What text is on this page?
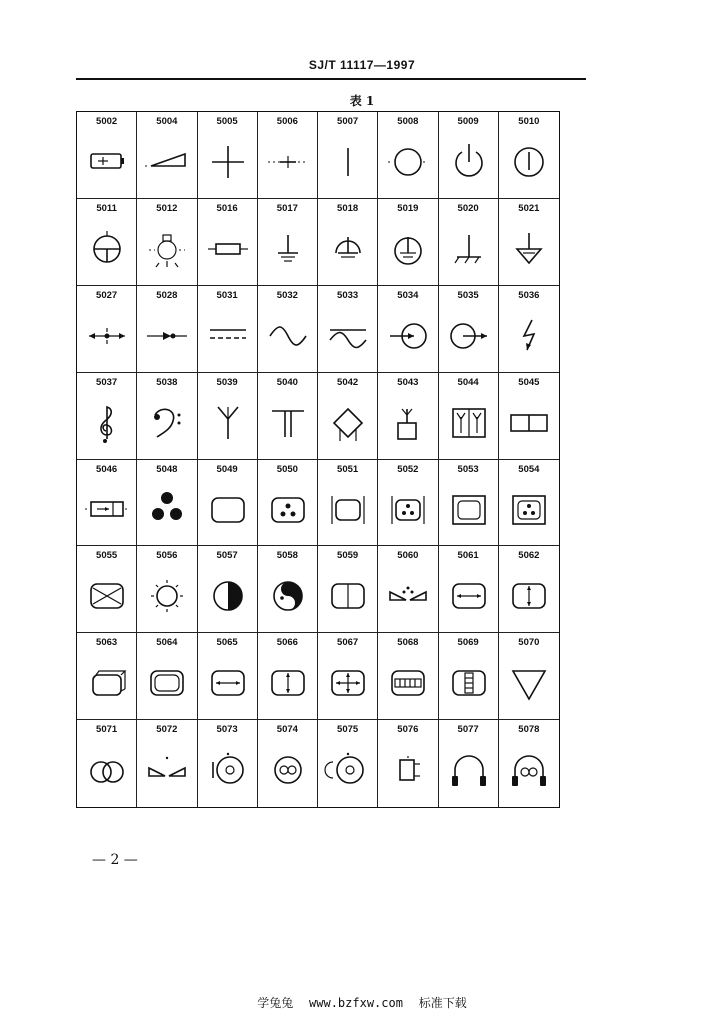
SJ/T 11117—1997
表 1
5002	5004	5005	5006	5007	5008	5009	5010
5011	5012	5016	5017	5018	5019	5020	5021
5027	5028	5031	5032	5033	5034	5035	5036
5037	5038	5039	5040	5042	5043	5044	5045
5046	5048	5049	5050	5051	5052	5053	5054
5055	5056	5057	5058	5059	5060	5061	5062
5063	5064	5065	5066	5067	5068	5069	5070
5071	5072	5073	5074	5075	5076	5077	5078
— 2 —
学兔兔 www.bzfxw.com 标准下载
